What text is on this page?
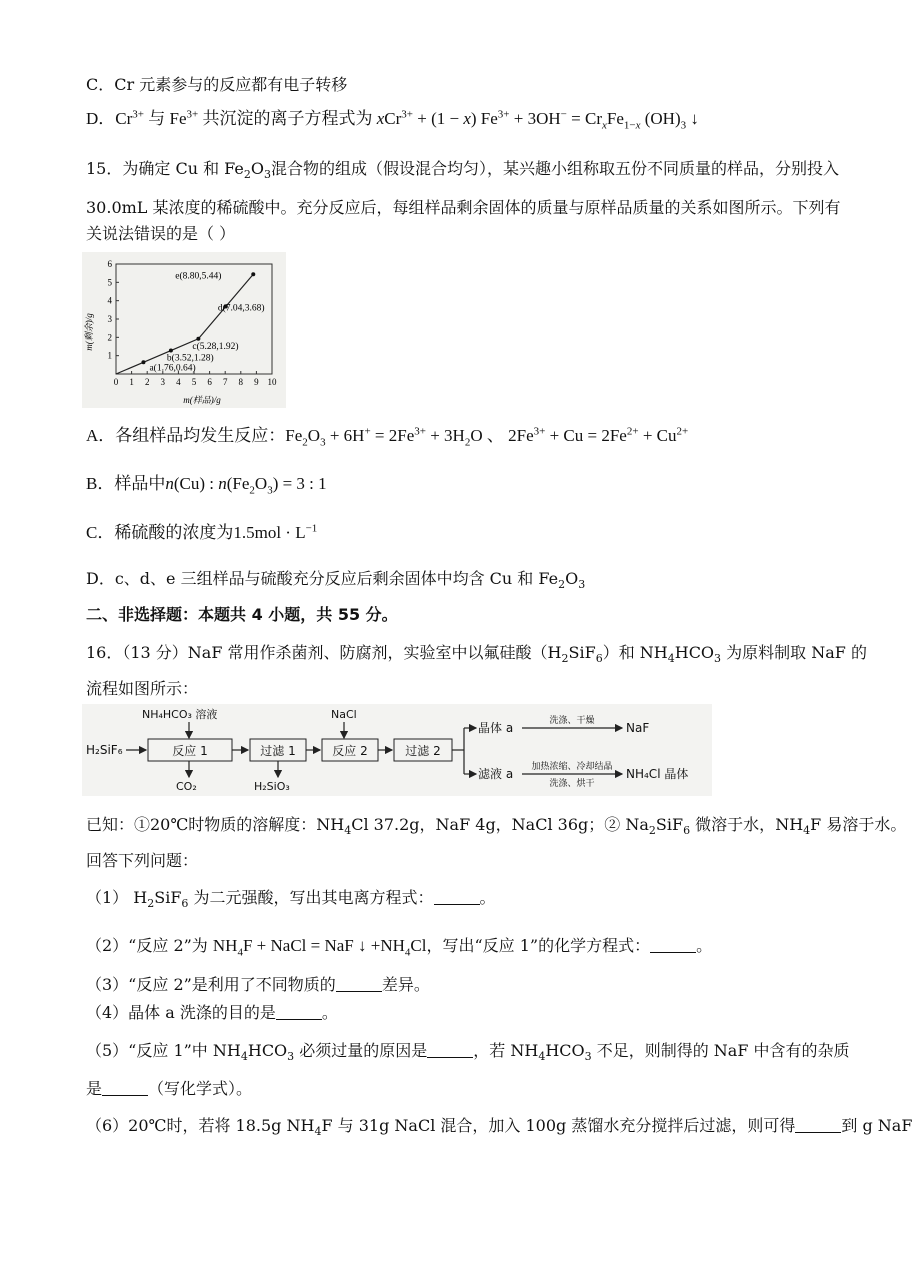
C．Cr 元素参与的反应都有电子转移
D．$Cr^{3+}$ 与 $Fe^{3+}$ 共沉淀的离子方程式为 xCr$^{3+}$ + (1 − x) $Fe^{3+} + 3OH^- = Cr_xFe_{1-x}$ $(OH)_3$ ↓
15．为确定 Cu 和 $Fe_2O_3$混合物的组成（假设混合均匀），某兴趣小组称取五份不同质量的样品，分别投入
30.0mL 某浓度的稀硫酸中。充分反应后，每组样品剩余固体的质量与原样品质量的关系如图所示。下列有
关说法错误的是（ ）
0 1 2 3 4 5 6 7 8 9 10
1
2
3
4
5
6
a(1.76,0.64)
b(3.52,1.28)
c(5.28,1.92)
d(7.04,3.68)
e(8.80,5.44)
m(样品)/g
m(剩余)/g
A．各组样品均发生反应：$Fe_2O_3 + 6H^+ = 2Fe^{3+} + 3H_2O$ 、 $2Fe^{3+} + Cu = 2Fe^{2+} + Cu^{2+}$
B．样品中n(Cu) : $n(Fe_2O_3) = 3$ : 1
C．稀硫酸的浓度为$1.5mol \cdot L^{-1}$
D．c、d、e 三组样品与硫酸充分反应后剩余固体中均含 Cu 和 $Fe_2O_3$
二、非选择题：本题共 4 小题，共 55 分。
16．（13 分）NaF 常用作杀菌剂、防腐剂，实验室中以氟硅酸$(H_2SiF_6)$和 $NH_4HCO_3$ 为原料制取 NaF 的
流程如图所示：
H₂SiF₆
NH₄HCO₃ 溶液
反应 1
CO₂
过滤 1
H₂SiO₃
NaCl
反应 2	过滤 2
晶体 a	洗涤、干燥	NaF
滤液 a 加热浓缩、冷却结晶
洗涤、烘干
NH₄Cl 晶体
已知：①20℃时物质的溶解度：$NH_4Cl$ 37.2g，NaF 4g，NaCl 36g；② $Na_2SiF_6$ 微溶于水，$NH_4F$ 易溶于水。
回答下列问题：
（1） $H_2SiF_6$ 为二元强酸，写出其电离方程式：	。
（2）“反应 2”为 $NH_4F$ + NaCl = NaF ↓ $+NH_4Cl$，写出“反应 1”的化学方程式：	。
（3）“反应 2”是利用了不同物质的	差异。
（4）晶体 a 洗涤的目的是	。
（5）“反应 1”中 $NH_4HCO_3$ 必须过量的原因是	，若 $NH_4HCO_3$ 不足，则制得的 NaF 中含有的杂质
是	（写化学式）。
（6）20℃时，若将 18.5g $NH_4F$ 与 31g NaCl 混合，加入 100g 蒸馏水充分搅拌后过滤，则可得	到 g NaF
